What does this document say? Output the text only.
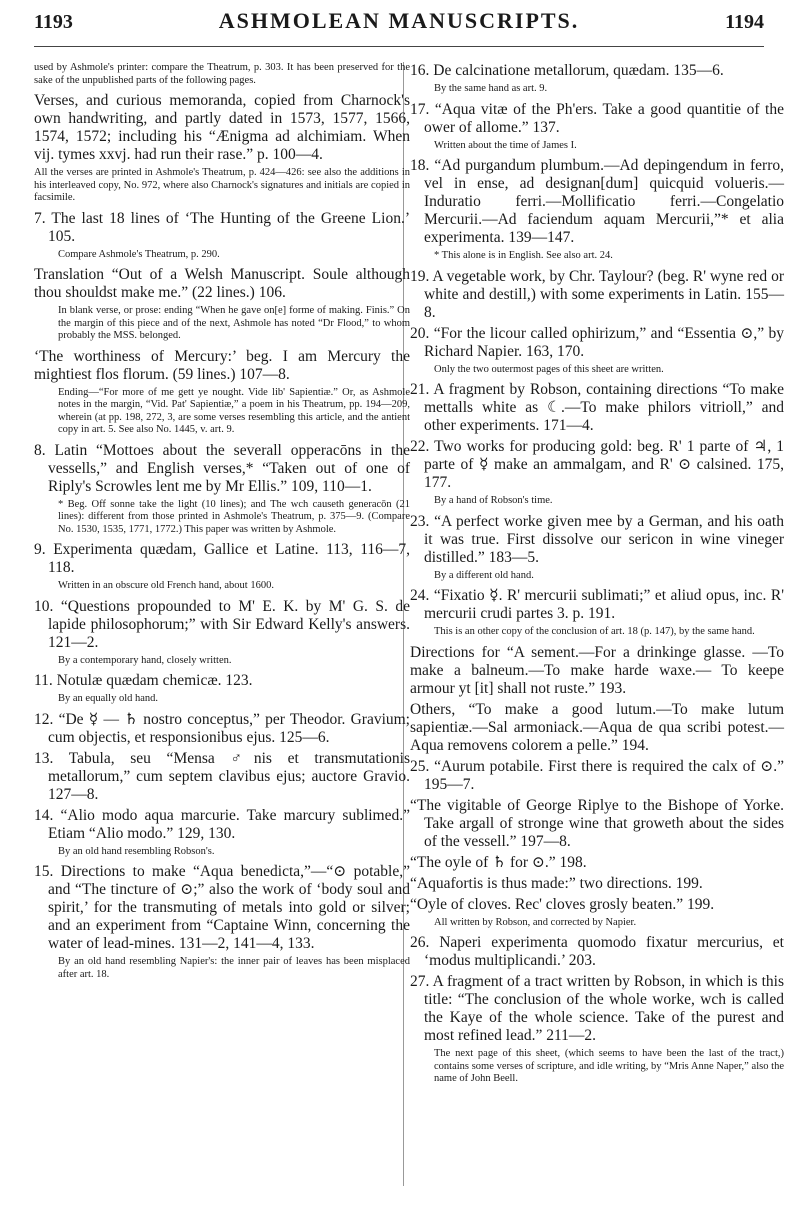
1193	ASHMOLEAN MANUSCRIPTS.	1194
used by Ashmole's printer: compare the Theatrum, p. 303. It has been preserved for the sake of the unpublished parts of the following pages.
Verses, and curious memoranda, copied from Charnock's own handwriting, and partly dated in 1573, 1577, 1566, 1574, 1572; including his “Ænigma ad alchimiam. When vij. tymes xxvj. had run their rase.” p. 100—4.
All the verses are printed in Ashmole's Theatrum, p. 424—426: see also the additions in his interleaved copy, No. 972, where also Charnock's signatures and initials are copied in facsimile.
7. The last 18 lines of ‘The Hunting of the Greene Lion.’ 105.
Compare Ashmole's Theatrum, p. 290.
Translation “Out of a Welsh Manuscript. Soule although thou shouldst make me.” (22 lines.) 106.
In blank verse, or prose: ending “When he gave on[e] forme of making. Finis.” On the margin of this piece and of the next, Ashmole has noted “Dr Flood,” to whom probably the MSS. belonged.
‘The worthiness of Mercury:’ beg. I am Mercury the mightiest flos florum. (59 lines.) 107—8.
Ending—“For more of me gett ye nought. Vide lib' Sapientiæ.” Or, as Ashmole notes in the margin, “Vid. Pat' Sapientiæ,” a poem in his Theatrum, pp. 194—209, wherein (at pp. 198, 272, 3, are some verses resembling this article, and the antient copy in art. 5. See also No. 1445, v. art. 9.
8. Latin “Mottoes about the severall opperacōns in the vessells,” and English verses,* “Taken out of one of Riply's Scrowles lent me by Mr Ellis.” 109, 110—1.
* Beg. Off sonne take the light (10 lines); and The wch causeth generacōn (21 lines): different from those printed in Ashmole's Theatrum, p. 375—9. (Compare No. 1530, 1535, 1771, 1772.) This paper was written by Ashmole.
9. Experimenta quædam, Gallice et Latine. 113, 116—7, 118.
Written in an obscure old French hand, about 1600.
10. “Questions propounded to M' E. K. by M' G. S. de lapide philosophorum;” with Sir Edward Kelly's answers. 121—2.
By a contemporary hand, closely written.
11. Notulæ quædam chemicæ. 123.
By an equally old hand.
12. “De ☿ — ♄ nostro conceptus,” per Theodor. Gravium; cum objectis, et responsionibus ejus. 125—6.
13. Tabula, seu “Mensa ♂nis et transmutationis metallorum,” cum septem clavibus ejus; auctore Gravio. 127—8.
14. “Alio modo aqua marcurie. Take marcury sublimed.” Etiam “Alio modo.” 129, 130.
By an old hand resembling Robson's.
15. Directions to make “Aqua benedicta,”—“⊙ potable,” and “The tincture of ⊙;” also the work of ‘body soul and spirit,’ for the transmuting of metals into gold or silver; and an experiment from “Captaine Winn, concerning the water of lead-mines. 131—2, 141—4, 133.
By an old hand resembling Napier's: the inner pair of leaves has been misplaced after art. 18.
16. De calcinatione metallorum, quædam. 135—6.
By the same hand as art. 9.
17. “Aqua vitæ of the Ph'ers. Take a good quantitie of the ower of allome.” 137.
Written about the time of James I.
18. “Ad purgandum plumbum.—Ad depingendum in ferro, vel in ense, ad designan[dum] quicquid volueris.—Induratio ferri.—Mollificatio ferri.—Congelatio Mercurii.—Ad faciendum aquam Mercurii,”* et alia experimenta. 139—147.
* This alone is in English. See also art. 24.
19. A vegetable work, by Chr. Taylour? (beg. R' wyne red or white and destill,) with some experiments in Latin. 155—8.
20. “For the licour called ophirizum,” and “Essentia ⊙,” by Richard Napier. 163, 170.
Only the two outermost pages of this sheet are written.
21. A fragment by Robson, containing directions “To make mettalls white as ☾.—To make philors vitrioll,” and other experiments. 171—4.
22. Two works for producing gold: beg. R' 1 parte of ♃, 1 parte of ☿ make an ammalgam, and R' ⊙ calsined. 175, 177.
By a hand of Robson's time.
23. “A perfect worke given mee by a German, and his oath it was true. First dissolve our sericon in wine vineger distilled.” 183—5.
By a different old hand.
24. “Fixatio ☿. R' mercurii sublimati;” et aliud opus, inc. R' mercurii crudi partes 3. p. 191.
This is an other copy of the conclusion of art. 18 (p. 147), by the same hand.
Directions for “A sement.—For a drinkinge glasse. —To make a balneum.—To make harde waxe.— To keepe armour yt [it] shall not ruste.” 193.
Others, “To make a good lutum.—To make lutum sapientiæ.—Sal armoniack.—Aqua de qua scribi potest.—Aqua removens colorem a pelle.” 194.
25. “Aurum potabile. First there is required the calx of ⊙.” 195—7.
“The vigitable of George Riplye to the Bishope of Yorke. Take argall of stronge wine that groweth about the sides of the vessell.” 197—8.
“The oyle of ♄ for ⊙.” 198.
“Aquafortis is thus made:” two directions. 199.
“Oyle of cloves. Rec' cloves grosly beaten.” 199.
All written by Robson, and corrected by Napier.
26. Naperi experimenta quomodo fixatur mercurius, et ‘modus multiplicandi.’ 203.
27. A fragment of a tract written by Robson, in which is this title: “The conclusion of the whole worke, wch is called the Kaye of the whole science. Take of the purest and most refined lead.” 211—2.
The next page of this sheet, (which seems to have been the last of the tract,) contains some verses of scripture, and idle writing, by “Mris Anne Naper,” also the name of John Beell.
